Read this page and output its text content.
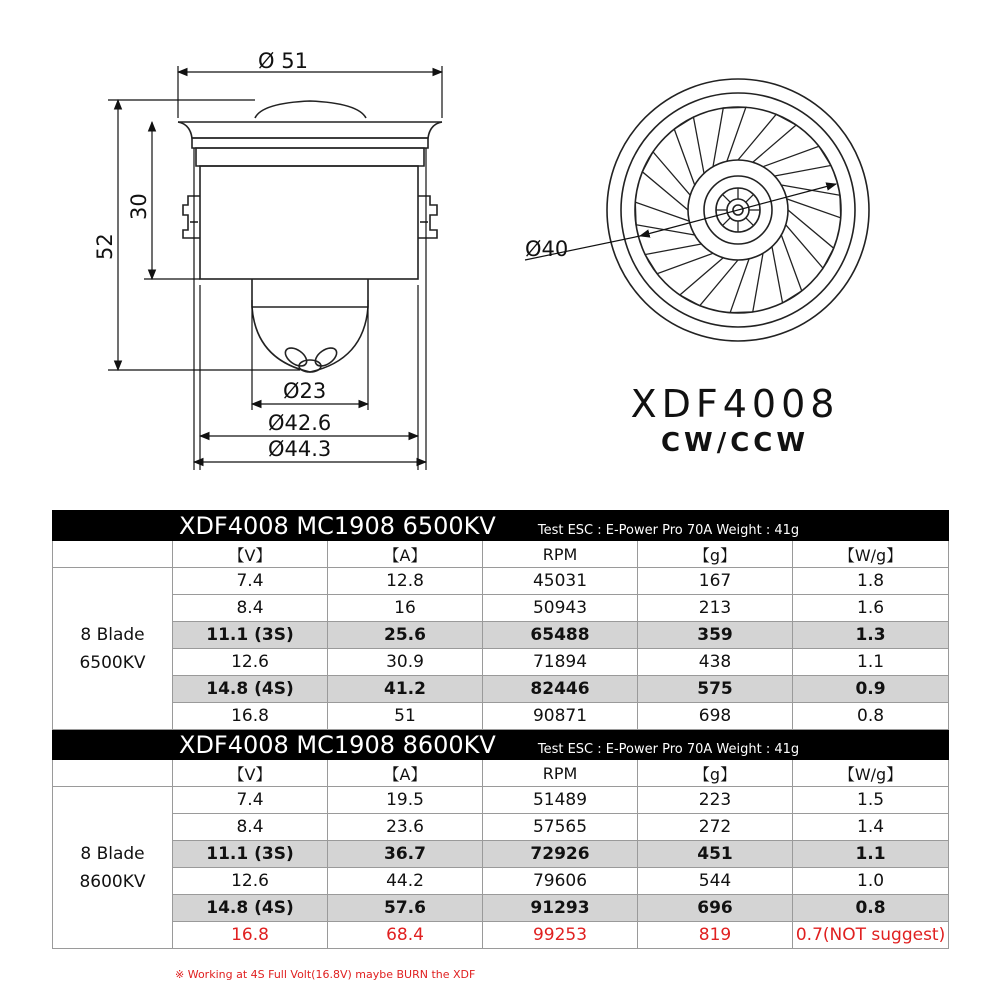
Ø 51
52
30
Ø23
Ø42.6
Ø44.3
Ø40
XDF4008
CW/CCW
XDF4008 MC1908 6500KV Test ESC : E-Power Pro 70A Weight : 41g					
	【V】	【A】	RPM	【g】	【W/g】

8 Blade
6500KV	7.4	12.8	45031	167	1.8
	8.4	16	50943	213	1.6
	11.1 (3S)	25.6	65488	359	1.3
	12.6	30.9	71894	438	1.1
	14.8 (4S)	41.2	82446	575	0.9
	16.8	51	90871	698	0.8
XDF4008 MC1908 8600KV Test ESC : E-Power Pro 70A Weight : 41g					
	【V】	【A】	RPM	【g】	【W/g】

8 Blade
8600KV	7.4	19.5	51489	223	1.5
	8.4	23.6	57565	272	1.4
	11.1 (3S)	36.7	72926	451	1.1
	12.6	44.2	79606	544	1.0
	14.8 (4S)	57.6	91293	696	0.8
	16.8	68.4	99253	819	0.7(NOT suggest)
※ Working at 4S Full Volt(16.8V) maybe BURN the XDF
